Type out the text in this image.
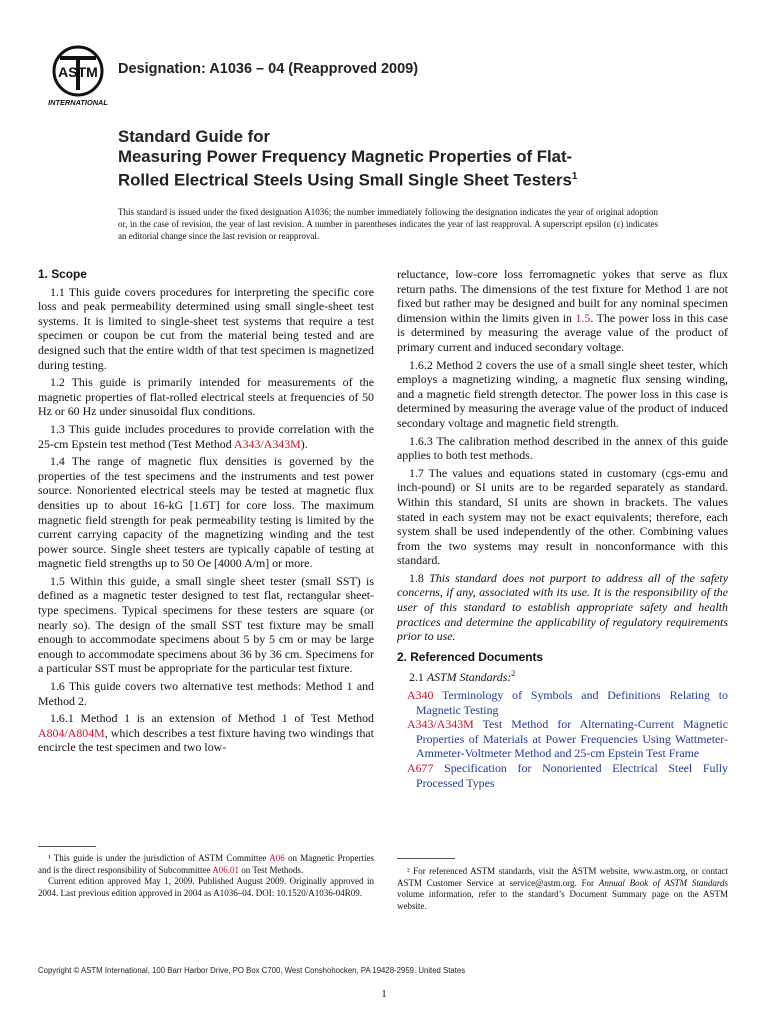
ASTM
INTERNATIONAL
Designation: A1036 – 04 (Reapproved 2009)
Standard Guide for
Measuring Power Frequency Magnetic Properties of Flat-
Rolled Electrical Steels Using Small Single Sheet Testers$^1$
This standard is issued under the fixed designation A1036; the number immediately following the designation indicates the year of original adoption or, in the case of revision, the year of last revision. A number in parentheses indicates the year of last reapproval. A superscript epsilon (ε) indicates an editorial change since the last revision or reapproval.
1. Scope

1.1 This guide covers procedures for interpreting the specific core loss and peak permeability determined using small single-sheet test systems. It is limited to single-sheet test systems that require a test specimen or coupon be cut from the material being tested and are designed such that the entire width of that test specimen is magnetized during testing.

1.2 This guide is primarily intended for measurements of the magnetic properties of flat-rolled electrical steels at frequencies of 50 Hz or 60 Hz under sinusoidal flux conditions.

1.3 This guide includes procedures to provide correlation with the 25-cm Epstein test method (Test Method A343/A343M).

1.4 The range of magnetic flux densities is governed by the properties of the test specimens and the instruments and test power source. Nonoriented electrical steels may be tested at magnetic flux densities up to about 16-kG [1.6T] for core loss. The maximum magnetic field strength for peak permeability testing is limited by the current carrying capacity of the magnetizing winding and the test power source. Single sheet testers are typically capable of testing at magnetic field strengths up to 50 Oe [4000 A/m] or more.

1.5 Within this guide, a small single sheet tester (small SST) is defined as a magnetic tester designed to test flat, rectangular sheet-type specimens. Typical specimens for these testers are square (or nearly so). The design of the small SST test fixture may be small enough to accommodate specimens about 5 by 5 cm or may be large enough to accommodate specimens about 36 by 36 cm. Specimens for a particular SST must be appropriate for the particular test fixture.

1.6 This guide covers two alternative test methods: Method 1 and Method 2.

1.6.1 Method 1 is an extension of Method 1 of Test Method A804/A804M, which describes a test fixture having two windings that encircle the test specimen and two low-

reluctance, low-core loss ferromagnetic yokes that serve as flux return paths. The dimensions of the test fixture for Method 1 are not fixed but rather may be designed and built for any nominal specimen dimension within the limits given in 1.5. The power loss in this case is determined by measuring the average value of the product of primary current and induced secondary voltage.

1.6.2 Method 2 covers the use of a small single sheet tester, which employs a magnetizing winding, a magnetic flux sensing winding, and a magnetic field strength detector. The power loss in this case is determined by measuring the average value of the product of induced secondary voltage and magnetic field strength.

1.6.3 The calibration method described in the annex of this guide applies to both test methods.

1.7 The values and equations stated in customary (cgs-emu and inch-pound) or SI units are to be regarded separately as standard. Within this standard, SI units are shown in brackets. The values stated in each system may not be exact equivalents; therefore, each system shall be used independently of the other. Combining values from the two systems may result in nonconformance with this standard.

1.8 This standard does not purport to address all of the safety concerns, if any, associated with its use. It is the responsibility of the user of this standard to establish appropriate safety and health practices and determine the applicability of regulatory requirements prior to use.

2. Referenced Documents

2.1 ASTM Standards:$^2$

A340 Terminology of Symbols and Definitions Relating to Magnetic Testing

A343/A343M Test Method for Alternating-Current Magnetic Properties of Materials at Power Frequencies Using Wattmeter-Ammeter-Voltmeter Method and 25-cm Epstein Test Frame

A677 Specification for Nonoriented Electrical Steel Fully Processed Types

¹ This guide is under the jurisdiction of ASTM Committee A06 on Magnetic Properties and is the direct responsibility of Subcommittee A06.01 on Test Methods.

Current edition approved May 1, 2009. Published August 2009. Originally approved in 2004. Last previous edition approved in 2004 as A1036–04. DOI: 10.1520/A1036-04R09.

² For referenced ASTM standards, visit the ASTM website, www.astm.org, or contact ASTM Customer Service at service@astm.org. For Annual Book of ASTM Standards volume information, refer to the standard’s Document Summary page on the ASTM website.

Copyright © ASTM International, 100 Barr Harbor Drive, PO Box C700, West Conshohocken, PA 19428-2959. United States
1
